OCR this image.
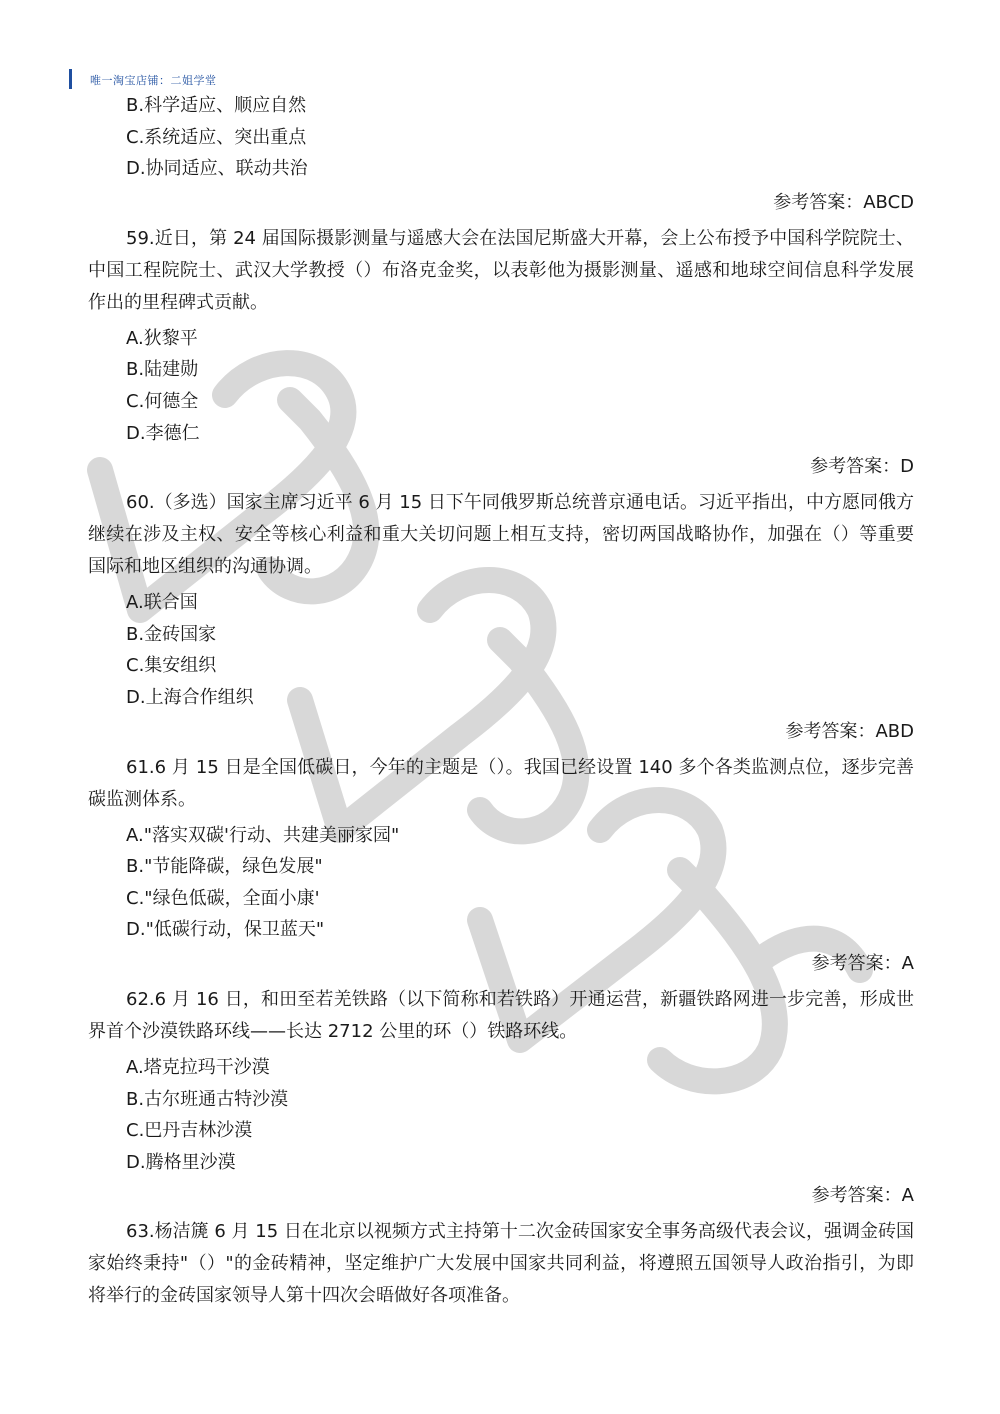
唯一淘宝店铺：二姐学堂
B.科学适应、顺应自然
C.系统适应、突出重点
D.协同适应、联动共治
参考答案：ABCD
59.近日，第 24 届国际摄影测量与遥感大会在法国尼斯盛大开幕，会上公布授予中国科学院院士、中国工程院院士、武汉大学教授（）布洛克金奖，以表彰他为摄影测量、遥感和地球空间信息科学发展作出的里程碑式贡献。
A.狄黎平
B.陆建勋
C.何德全
D.李德仁
参考答案：D
60.（多选）国家主席习近平 6 月 15 日下午同俄罗斯总统普京通电话。习近平指出，中方愿同俄方继续在涉及主权、安全等核心利益和重大关切问题上相互支持，密切两国战略协作，加强在（）等重要国际和地区组织的沟通协调。
A.联合国
B.金砖国家
C.集安组织
D.上海合作组织
参考答案：ABD
61.6 月 15 日是全国低碳日，今年的主题是（）。我国已经设置 140 多个各类监测点位，逐步完善碳监测体系。
A."落实双碳'行动、共建美丽家园"
B."节能降碳，绿色发展"
C."绿色低碳，全面小康'
D."低碳行动，保卫蓝天"
参考答案：A
62.6 月 16 日，和田至若羌铁路（以下简称和若铁路）开通运营，新疆铁路网进一步完善，形成世界首个沙漠铁路环线——长达 2712 公里的环（）铁路环线。
A.塔克拉玛干沙漠
B.古尔班通古特沙漠
C.巴丹吉林沙漠
D.腾格里沙漠
参考答案：A
63.杨洁篪 6 月 15 日在北京以视频方式主持第十二次金砖国家安全事务高级代表会议，强调金砖国家始终秉持"（）"的金砖精神，坚定维护广大发展中国家共同利益，将遵照五国领导人政治指引，为即将举行的金砖国家领导人第十四次会晤做好各项准备。
